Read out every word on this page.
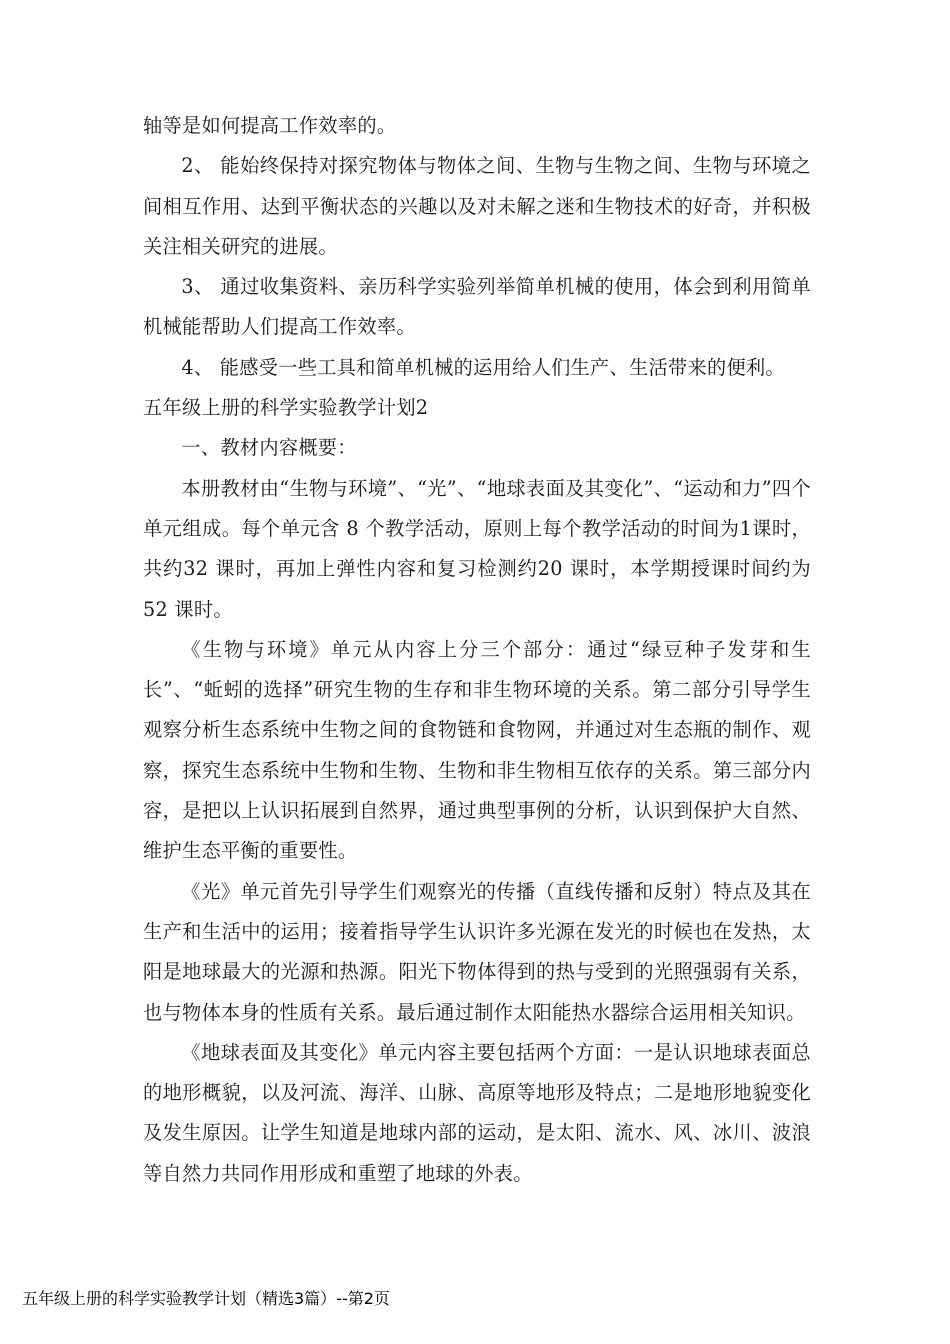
轴等是如何提高工作效率的。

2、 能始终保持对探究物体与物体之间、生物与生物之间、生物与环境之间相互作用、达到平衡状态的兴趣以及对未解之迷和生物技术的好奇，并积极关注相关研究的进展。

3、 通过收集资料、亲历科学实验列举简单机械的使用，体会到利用简单机械能帮助人们提高工作效率。

4、 能感受一些工具和简单机械的运用给人们生产、生活带来的便利。

五年级上册的科学实验教学计划2

一、教材内容概要：

本册教材由“生物与环境”、“光”、“地球表面及其变化”、“运动和力”四个单元组成。每个单元含 8 个教学活动，原则上每个教学活动的时间为1课时，共约32 课时，再加上弹性内容和复习检测约20 课时，本学期授课时间约为52 课时。

《生物与环境》单元从内容上分三个部分：通过“绿豆种子发芽和生长”、“蚯蚓的选择”研究生物的生存和非生物环境的关系。第二部分引导学生观察分析生态系统中生物之间的食物链和食物网，并通过对生态瓶的制作、观察，探究生态系统中生物和生物、生物和非生物相互依存的关系。第三部分内容，是把以上认识拓展到自然界，通过典型事例的分析，认识到保护大自然、维护生态平衡的重要性。

《光》单元首先引导学生们观察光的传播（直线传播和反射）特点及其在生产和生活中的运用；接着指导学生认识许多光源在发光的时候也在发热，太阳是地球最大的光源和热源。阳光下物体得到的热与受到的光照强弱有关系，也与物体本身的性质有关系。最后通过制作太阳能热水器综合运用相关知识。

《地球表面及其变化》单元内容主要包括两个方面：一是认识地球表面总的地形概貌，以及河流、海洋、山脉、高原等地形及特点；二是地形地貌变化及发生原因。让学生知道是地球内部的运动，是太阳、流水、风、冰川、波浪等自然力共同作用形成和重塑了地球的外表。

五年级上册的科学实验教学计划（精选3篇）--第2页
